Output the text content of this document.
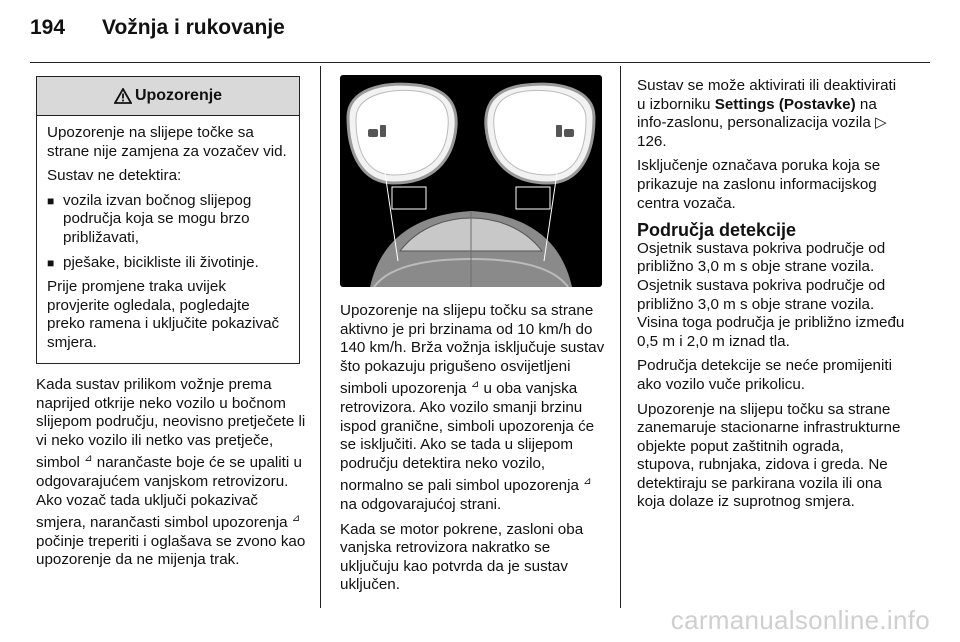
194 Vožnja i rukovanje
Upozorenje

Upozorenje na slijepe točke sa strane nije zamjena za vozačev vid.

Sustav ne detektira:

■ vozila izvan bočnog slijepog područja koja se mogu brzo približavati,
■ pješake, bicikliste ili životinje.

Prije promjene traka uvijek provjerite ogledala, pogledajte preko ramena i uključite pokazivač smjera.

Kada sustav prilikom vožnje prema naprijed otkrije neko vozilo u bočnom slijepom području, neovisno pretječete li vi neko vozilo ili netko vas pretječe, simbol ⊿ narančaste boje će se upaliti u odgovarajućem vanjskom retrovizoru. Ako vozač tada uključi pokazivač smjera, narančasti simbol upozorenja ⊿ počinje treperiti i oglašava se zvono kao upozorenje da ne mijenja trak.

Upozorenje na slijepu točku sa strane aktivno je pri brzinama od 10 km/h do 140 km/h. Brža vožnja isključuje sustav što pokazuju prigušeno osvijetljeni simboli upozorenja ⊿ u oba vanjska retrovizora. Ako vozilo smanji brzinu ispod granične, simboli upozorenja će se isključiti. Ako se tada u slijepom području detektira neko vozilo, normalno se pali simbol upozorenja ⊿ na odgovarajućoj strani.

Kada se motor pokrene, zasloni oba vanjska retrovizora nakratko se uključuju kao potvrda da je sustav uključen.

Sustav se može aktivirati ili deaktivirati u izborniku Settings (Postavke) na info-zaslonu, personalizacija vozila ▷ 126.

Isključenje označava poruka koja se prikazuje na zaslonu informacijskog centra vozača.

Područja detekcije

Osjetnik sustava pokriva područje od približno 3,0 m s obje strane vozila. Osjetnik sustava pokriva područje od približno 3,0 m s obje strane vozila. Visina toga područja je približno između 0,5 m i 2,0 m iznad tla.

Područja detekcije se neće promijeniti ako vozilo vuče prikolicu.

Upozorenje na slijepu točku sa strane zanemaruje stacionarne infrastrukturne objekte poput zaštitnih ograda, stupova, rubnjaka, zidova i greda. Ne detektiraju se parkirana vozila ili ona koja dolaze iz suprotnog smjera.

carmanualsonline.info
